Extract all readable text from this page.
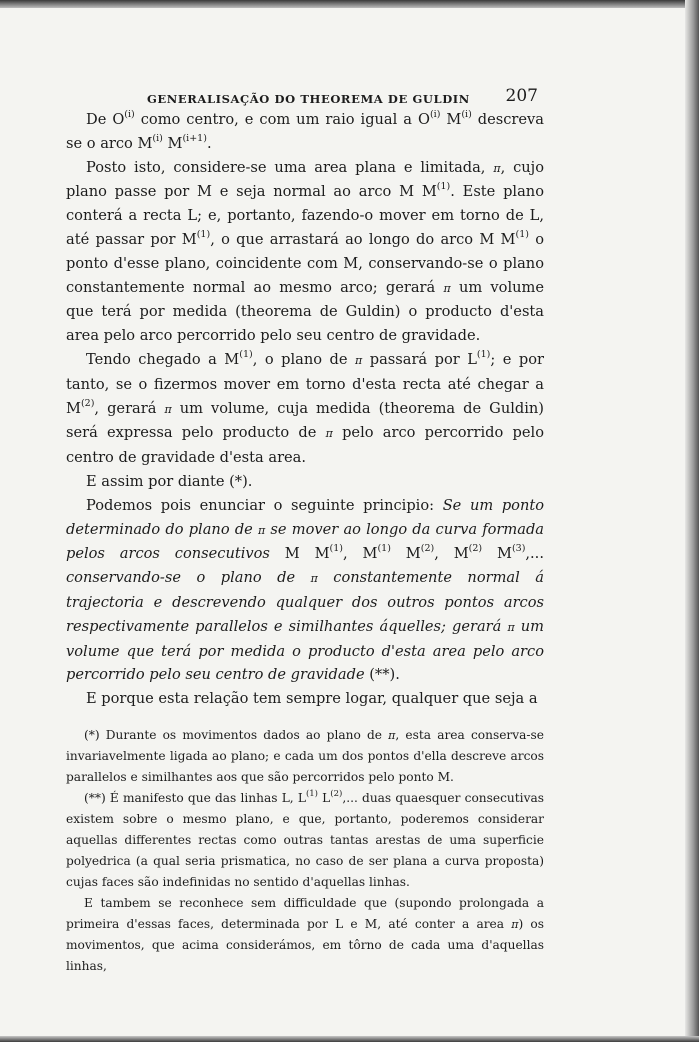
GENERALISAÇÃO DO THEOREMA DE GULDIN 207

De $O^{(i)}$ como centro, e com um raio igual a $O^{(i)}$ $M^{(i)}$ descreva se o arco $M^{(i)}$ $M^{(i+1)}$.

Posto isto, considere-se uma area plana e limitada, π, cujo plano passe por M e seja normal ao arco M $M^{(1)}$. Este plano conterá a recta L; e, portanto, fazendo-o mover em torno de L, até passar por $M^{(1)}$, o que arrastará ao longo do arco M $M^{(1)}$ o ponto d'esse plano, coincidente com M, conservando-se o plano constantemente normal ao mesmo arco; gerará π um volume que terá por medida (theorema de Guldin) o producto d'esta area pelo arco percorrido pelo seu centro de gravidade.

Tendo chegado a $M^{(1)}$, o plano de π passará por $L^{(1)}$; e por tanto, se o fizermos mover em torno d'esta recta até chegar a $M^{(2)}$, gerará π um volume, cuja medida (theorema de Guldin) será expressa pelo producto de π pelo arco percorrido pelo centro de gravidade d'esta area.

E assim por diante (*).

Podemos pois enunciar o seguinte principio: Se um ponto determinado do plano de π se mover ao longo da curva formada pelos arcos consecutivos M $M^{(1)}$, $M^{(1)}$ $M^{(2)}$, $M^{(2)}$ $M^{(3)}$,... conservando-se o plano de π constantemente normal á trajectoria e descrevendo qualquer dos outros pontos arcos respectivamente parallelos e similhantes áquelles; gerará π um volume que terá por medida o producto d'esta area pelo arco percorrido pelo seu centro de gravidade (**).

E porque esta relação tem sempre logar, qualquer que seja a

(*) Durante os movimentos dados ao plano de π, esta area conserva-se invariavelmente ligada ao plano; e cada um dos pontos d'ella descreve arcos parallelos e similhantes aos que são percorridos pelo ponto M.

(**) É manifesto que das linhas L, $L^{(1)}$ $L^{(2)}$,... duas quaesquer consecutivas existem sobre o mesmo plano, e que, portanto, poderemos considerar aquellas differentes rectas como outras tantas arestas de uma superficie polyedrica (a qual seria prismatica, no caso de ser plana a curva proposta) cujas faces são indefinidas no sentido d'aquellas linhas.

E tambem se reconhece sem difficuldade que (supondo prolongada a primeira d'essas faces, determinada por L e M, até conter a area π) os movimentos, que acima considerámos, em tôrno de cada uma d'aquellas linhas,
